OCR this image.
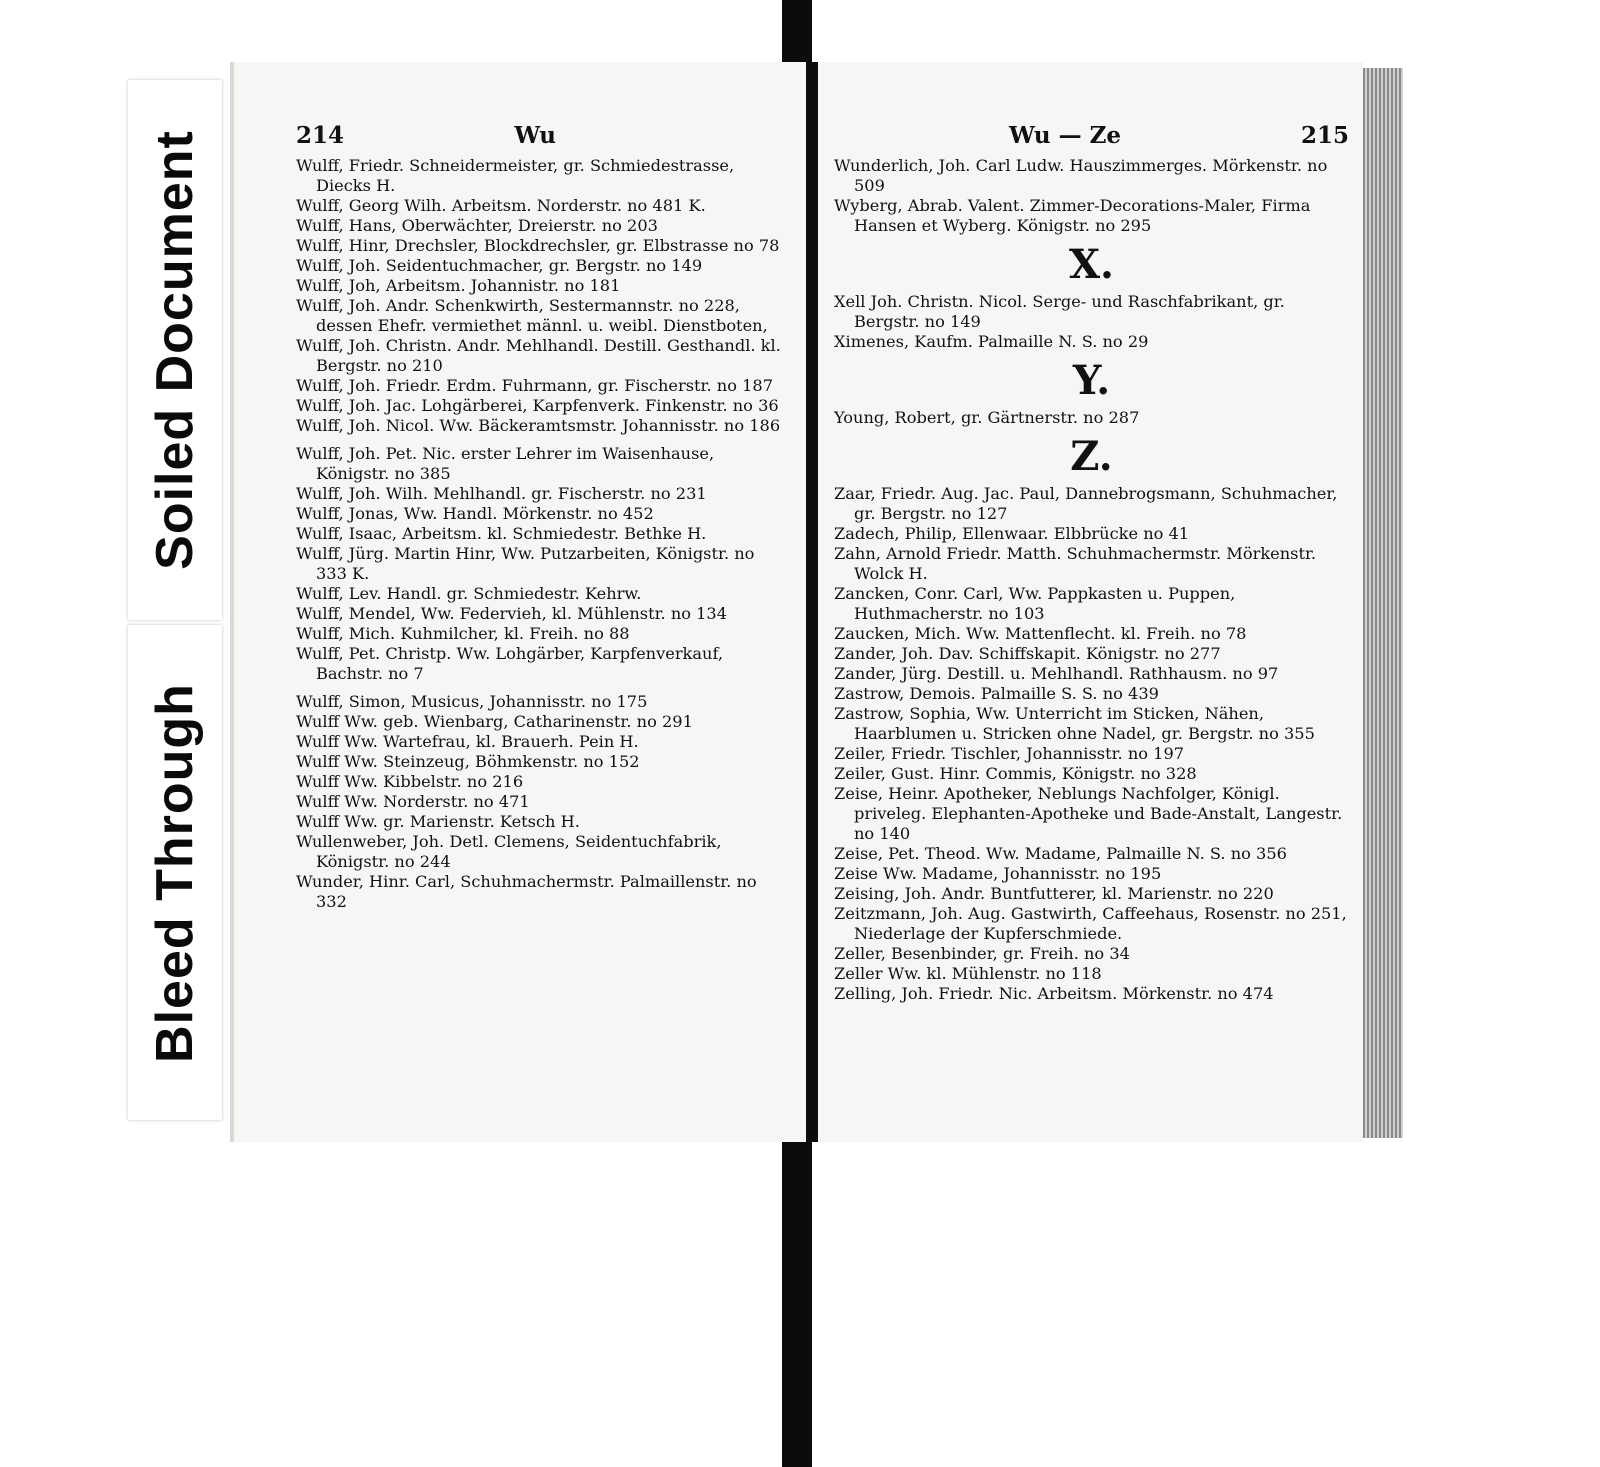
Soiled Document
Bleed Through
214	Wu
Wulff, Friedr. Schneidermeister, gr. Schmiedestrasse, Diecks H.
Wulff, Georg Wilh. Arbeitsm. Norderstr. no 481 K.
Wulff, Hans, Oberwächter, Dreierstr. no 203
Wulff, Hinr, Drechsler, Blockdrechsler, gr. Elbstrasse no 78
Wulff, Joh. Seidentuchmacher, gr. Bergstr. no 149
Wulff, Joh, Arbeitsm. Johannistr. no 181
Wulff, Joh. Andr. Schenkwirth, Sestermannstr. no 228, dessen Ehefr. vermiethet männl. u. weibl. Dienstboten,
Wulff, Joh. Christn. Andr. Mehlhandl. Destill. Gesthandl. kl. Bergstr. no 210
Wulff, Joh. Friedr. Erdm. Fuhrmann, gr. Fischerstr. no 187
Wulff, Joh. Jac. Lohgärberei, Karpfenverk. Finkenstr. no 36
Wulff, Joh. Nicol. Ww. Bäckeramtsmstr. Johannisstr. no 186
Wulff, Joh. Pet. Nic. erster Lehrer im Waisenhause, Königstr. no 385
Wulff, Joh. Wilh. Mehlhandl. gr. Fischerstr. no 231
Wulff, Jonas, Ww. Handl. Mörkenstr. no 452
Wulff, Isaac, Arbeitsm. kl. Schmiedestr. Bethke H.
Wulff, Jürg. Martin Hinr, Ww. Putzarbeiten, Königstr. no 333 K.
Wulff, Lev. Handl. gr. Schmiedestr. Kehrw.
Wulff, Mendel, Ww. Federvieh, kl. Mühlenstr. no 134
Wulff, Mich. Kuhmilcher, kl. Freih. no 88
Wulff, Pet. Christp. Ww. Lohgärber, Karpfenverkauf, Bachstr. no 7
Wulff, Simon, Musicus, Johannisstr. no 175
Wulff Ww. geb. Wienbarg, Catharinenstr. no 291
Wulff Ww. Wartefrau, kl. Brauerh. Pein H.
Wulff Ww. Steinzeug, Böhmkenstr. no 152
Wulff Ww. Kibbelstr. no 216
Wulff Ww. Norderstr. no 471
Wulff Ww. gr. Marienstr. Ketsch H.
Wullenweber, Joh. Detl. Clemens, Seidentuchfabrik, Königstr. no 244
Wunder, Hinr. Carl, Schuhmachermstr. Palmaillenstr. no 332
Wu — Ze	215
Wunderlich, Joh. Carl Ludw. Hauszimmerges. Mörkenstr. no 509
Wyberg, Abrab. Valent. Zimmer-Decorations-Maler, Firma Hansen et Wyberg. Königstr. no 295
X.
Xell Joh. Christn. Nicol. Serge- und Raschfabrikant, gr. Bergstr. no 149
Ximenes, Kaufm. Palmaille N. S. no 29
Y.
Young, Robert, gr. Gärtnerstr. no 287
Z.
Zaar, Friedr. Aug. Jac. Paul, Dannebrogsmann, Schuhmacher, gr. Bergstr. no 127
Zadech, Philip, Ellenwaar. Elbbrücke no 41
Zahn, Arnold Friedr. Matth. Schuhmachermstr. Mörkenstr. Wolck H.
Zancken, Conr. Carl, Ww. Pappkasten u. Puppen, Huthmacherstr. no 103
Zaucken, Mich. Ww. Mattenflecht. kl. Freih. no 78
Zander, Joh. Dav. Schiffskapit. Königstr. no 277
Zander, Jürg. Destill. u. Mehlhandl. Rathhausm. no 97
Zastrow, Demois. Palmaille S. S. no 439
Zastrow, Sophia, Ww. Unterricht im Sticken, Nähen, Haarblumen u. Stricken ohne Nadel, gr. Bergstr. no 355
Zeiler, Friedr. Tischler, Johannisstr. no 197
Zeiler, Gust. Hinr. Commis, Königstr. no 328
Zeise, Heinr. Apotheker, Neblungs Nachfolger, Königl. priveleg. Elephanten-Apotheke und Bade-Anstalt, Langestr. no 140
Zeise, Pet. Theod. Ww. Madame, Palmaille N. S. no 356
Zeise Ww. Madame, Johannisstr. no 195
Zeising, Joh. Andr. Buntfutterer, kl. Marienstr. no 220
Zeitzmann, Joh. Aug. Gastwirth, Caffeehaus, Rosenstr. no 251, Niederlage der Kupferschmiede.
Zeller, Besenbinder, gr. Freih. no 34
Zeller Ww. kl. Mühlenstr. no 118
Zelling, Joh. Friedr. Nic. Arbeitsm. Mörkenstr. no 474
